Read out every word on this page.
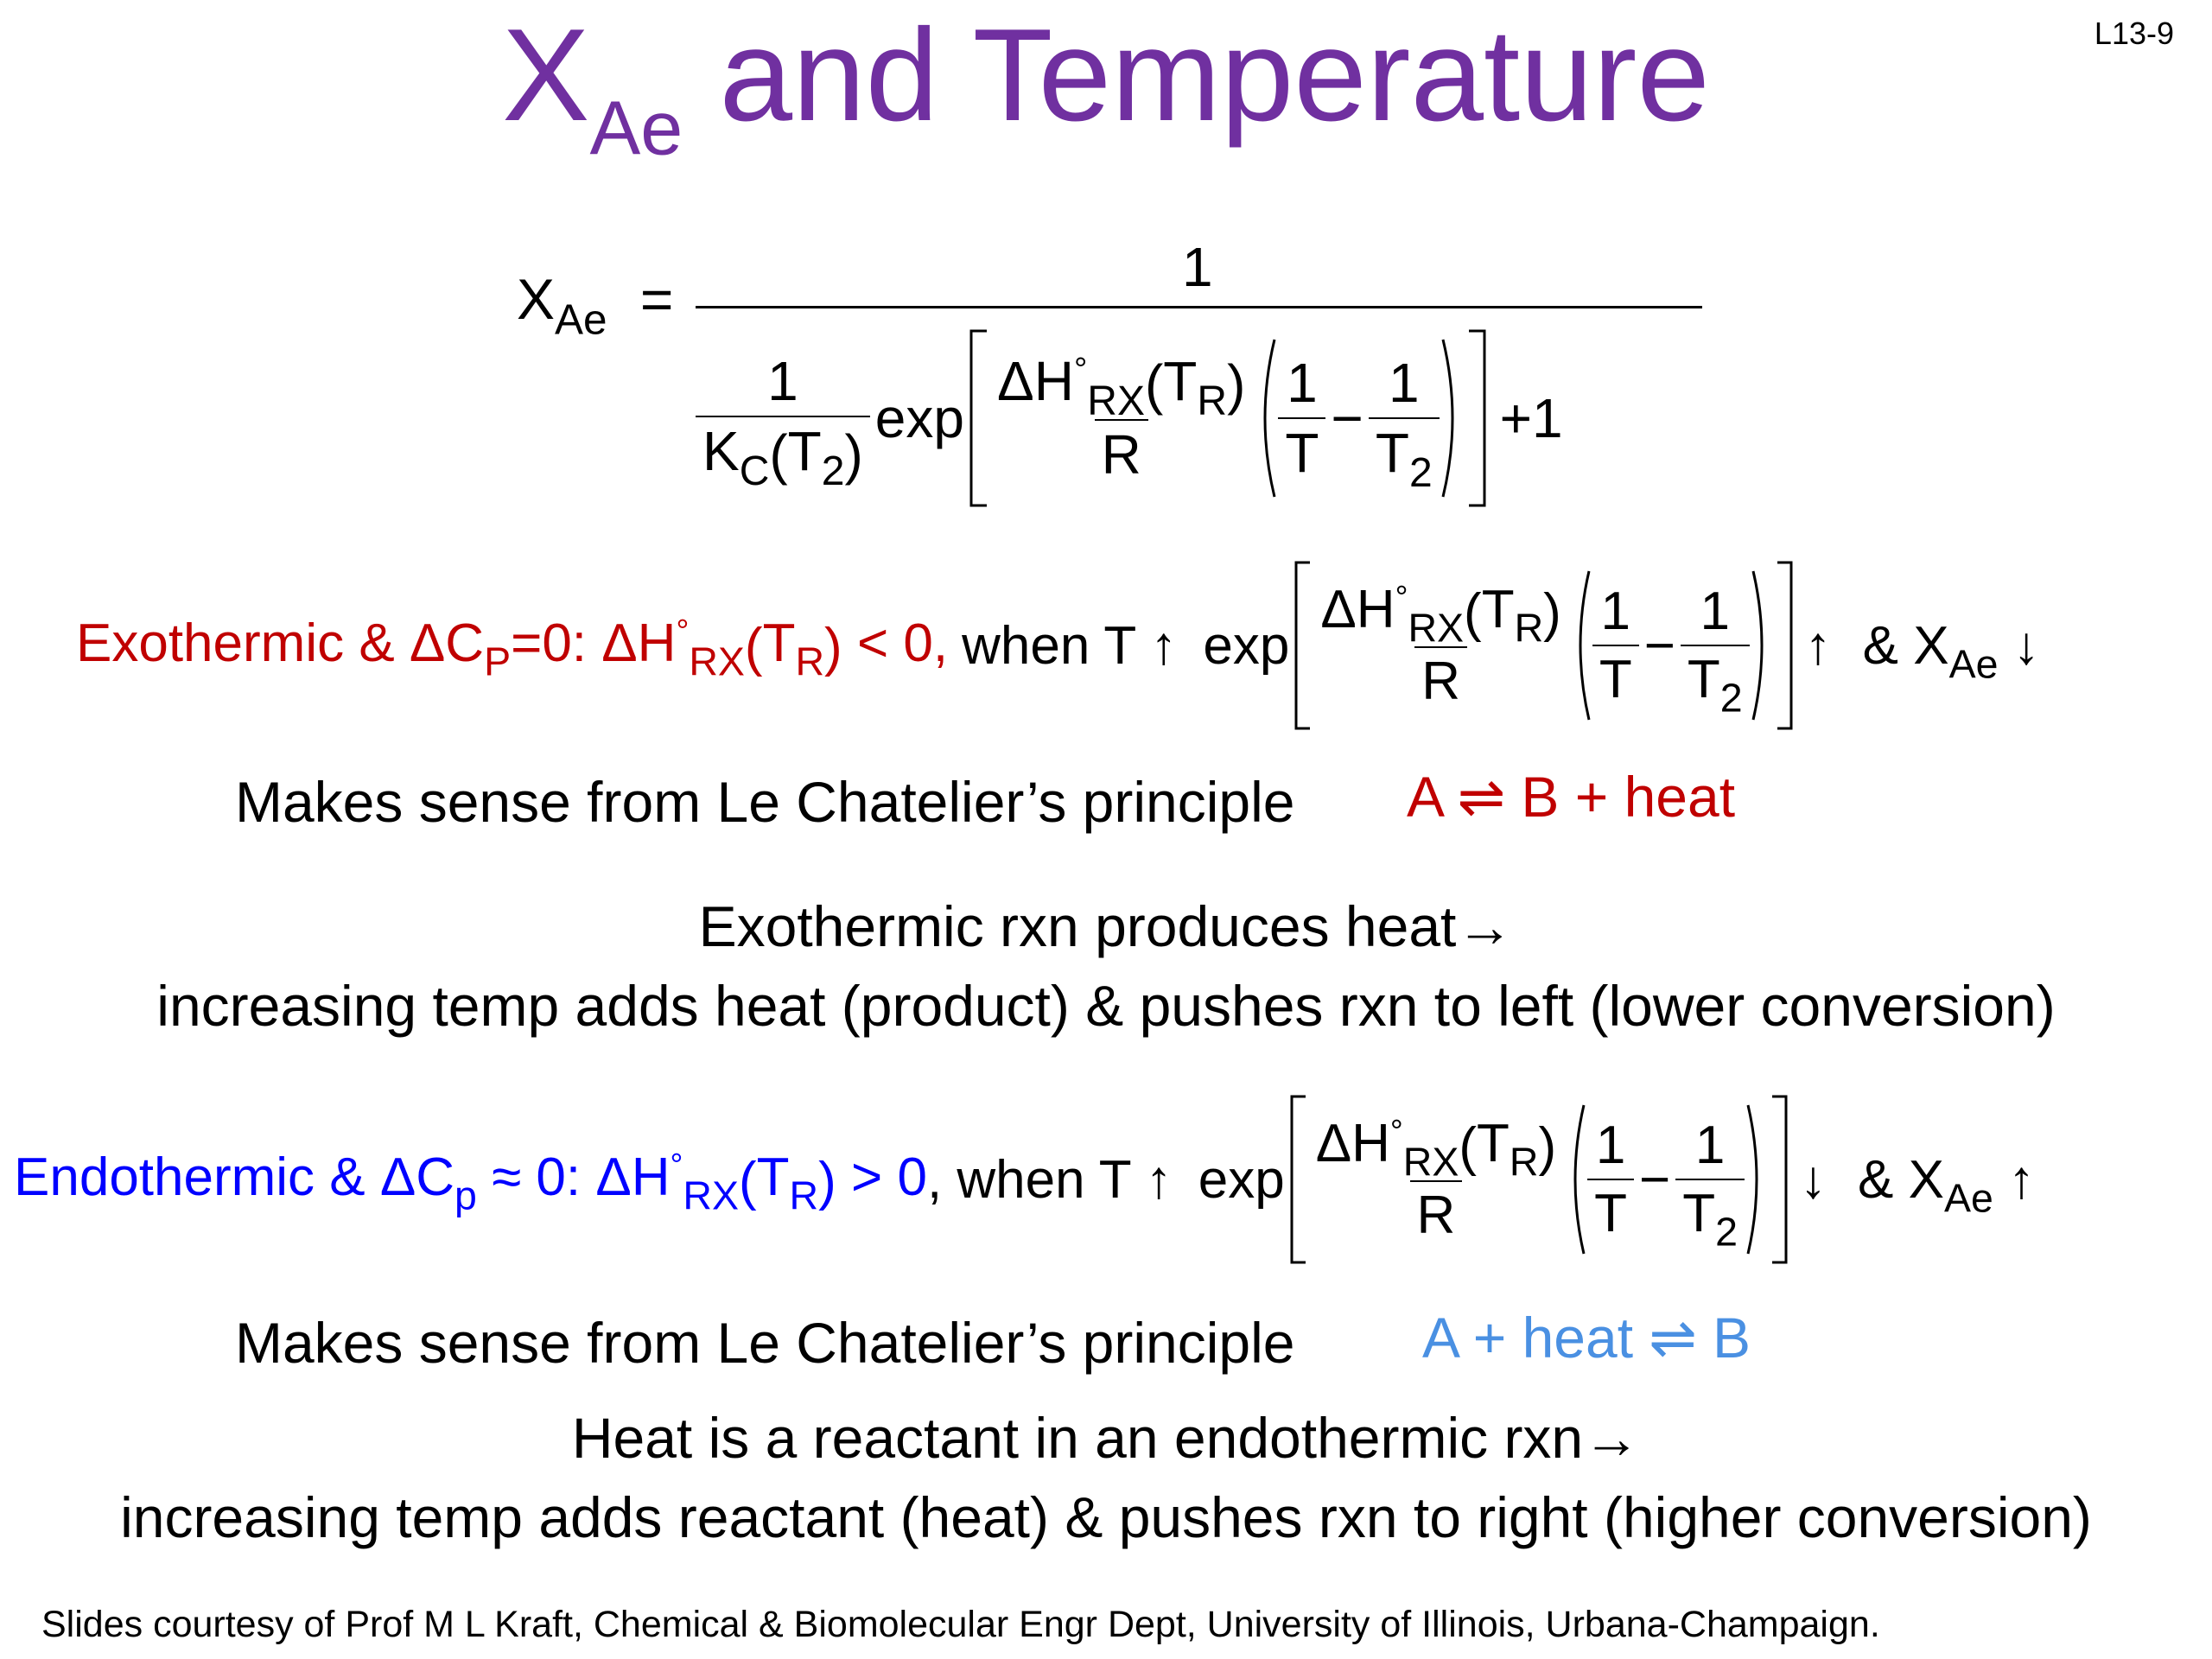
L13-9
$X_{Ae}$ and Temperature
$X_{Ae}$ =	1
$\frac{1}{K_C(T_2)}$ $\exp \frac{\Delta H^\circ_{RX}(T_R)}{R} \frac{1}{T} - \frac{1}{T_2} +1$
Exothermic & $\Delta C_P=0$: $\Delta H^\circ_{RX}(T_R) < 0$, when T ↑ $\exp \frac{\Delta H^\circ_{RX}(T_R)}{R} \frac{1}{T} - \frac{1}{T_2}$ ↑ & $X_{Ae}$ ↓
Makes sense from Le Chatelier’s principle A ⇌ B + heat
Exothermic rxn produces heat→
increasing temp adds heat (product) & pushes rxn to left (lower conversion)
Endothermic & $\Delta C_p \approx 0$: $\Delta H^\circ_{RX}(T_R) > 0$ , when T ↑ $\exp \frac{\Delta H^\circ_{RX}(T_R)}{R} \frac{1}{T} - \frac{1}{T_2}$ ↓ & $X_{Ae}$ ↑
Makes sense from Le Chatelier’s principle A + heat ⇌ B
Heat is a reactant in an endothermic rxn→
increasing temp adds reactant (heat) & pushes rxn to right (higher conversion)
Slides courtesy of Prof M L Kraft, Chemical & Biomolecular Engr Dept, University of Illinois, Urbana-Champaign.
